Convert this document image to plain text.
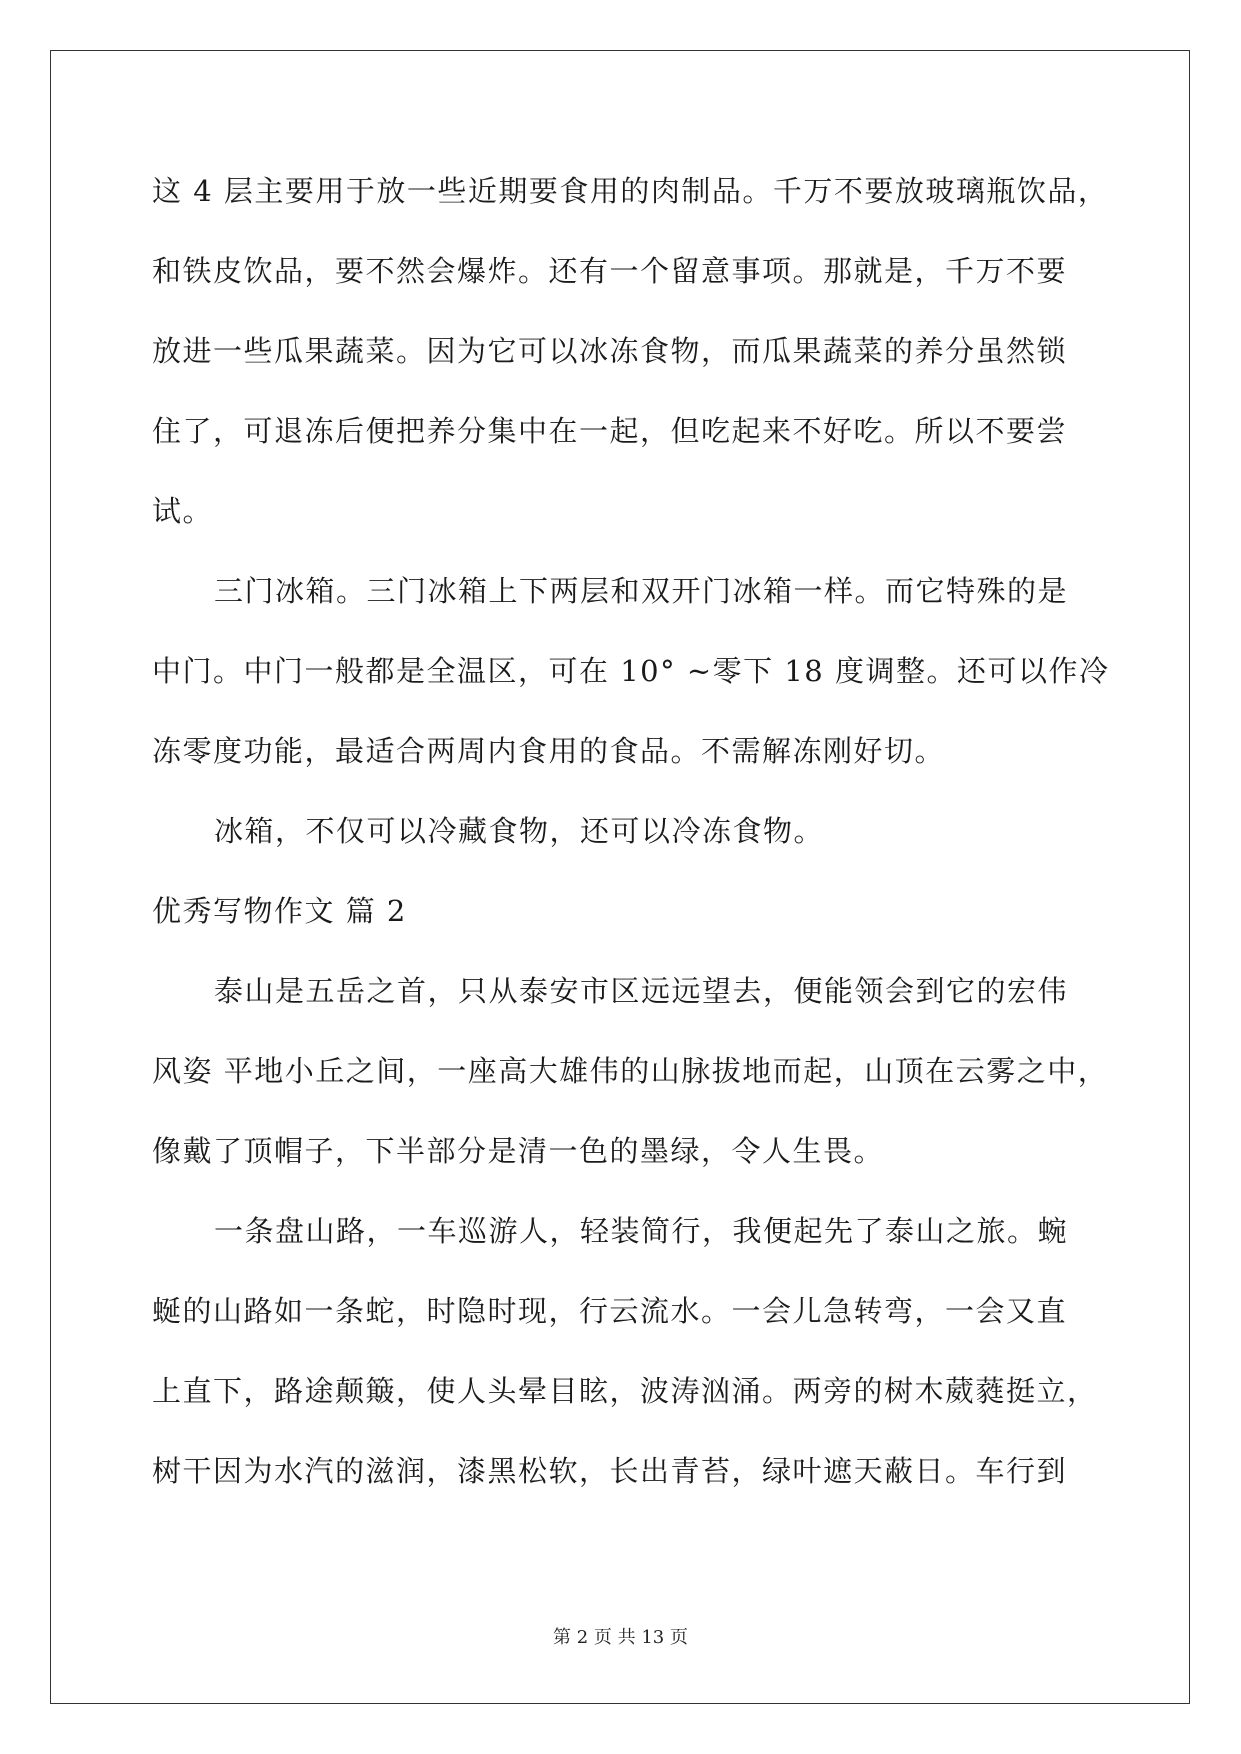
这 4 层主要用于放一些近期要食用的肉制品。千万不要放玻璃瓶饮品，
和铁皮饮品，要不然会爆炸。还有一个留意事项。那就是，千万不要
放进一些瓜果蔬菜。因为它可以冰冻食物，而瓜果蔬菜的养分虽然锁
住了，可退冻后便把养分集中在一起，但吃起来不好吃。所以不要尝
试。
三门冰箱。三门冰箱上下两层和双开门冰箱一样。而它特殊的是
中门。中门一般都是全温区，可在 10° ~零下 18 度调整。还可以作冷
冻零度功能，最适合两周内食用的食品。不需解冻刚好切。
冰箱，不仅可以冷藏食物，还可以冷冻食物。
优秀写物作文 篇 2
泰山是五岳之首，只从泰安市区远远望去，便能领会到它的宏伟
风姿 平地小丘之间，一座高大雄伟的山脉拔地而起，山顶在云雾之中，
像戴了顶帽子，下半部分是清一色的墨绿，令人生畏。
一条盘山路，一车巡游人，轻装简行，我便起先了泰山之旅。蜿
蜒的山路如一条蛇，时隐时现，行云流水。一会儿急转弯，一会又直
上直下，路途颠簸，使人头晕目眩，波涛汹涌。两旁的树木葳蕤挺立，
树干因为水汽的滋润，漆黑松软，长出青苔，绿叶遮天蔽日。车行到
第 2 页 共 13 页
